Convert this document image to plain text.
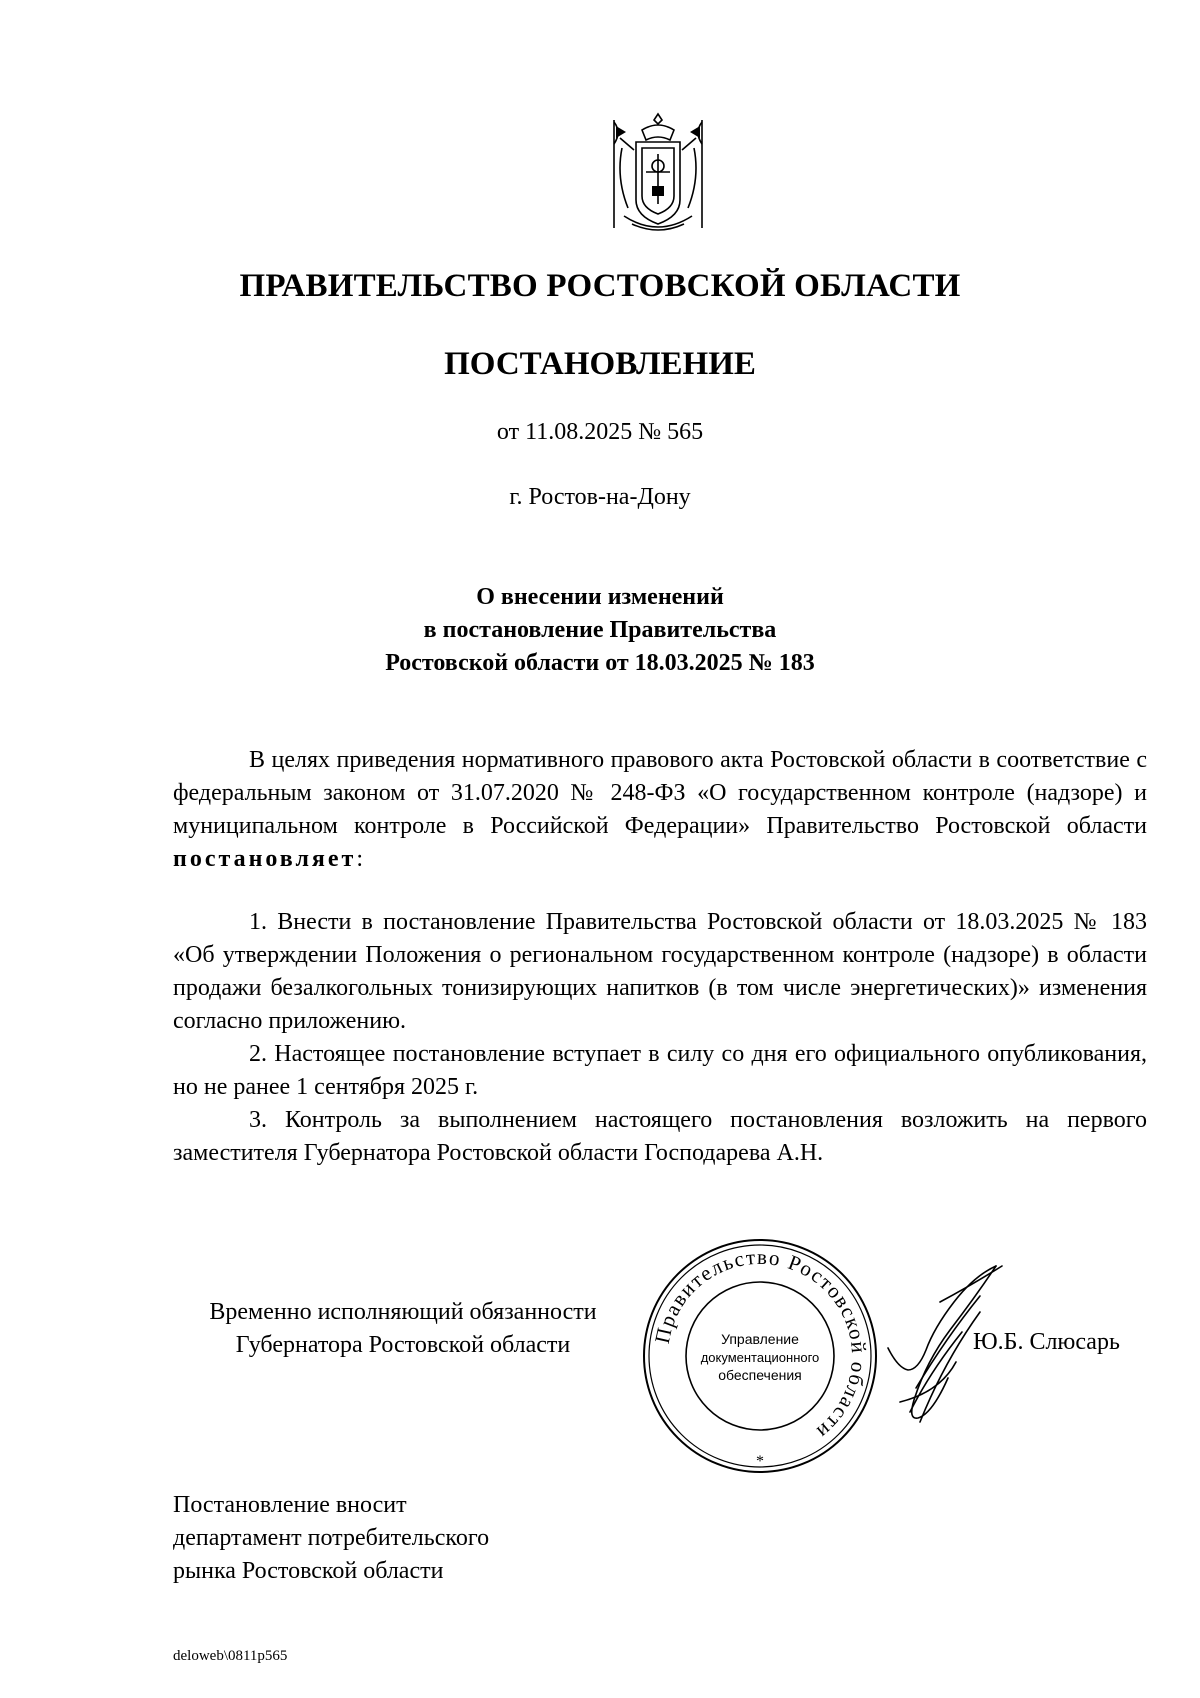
ПРАВИТЕЛЬСТВО РОСТОВСКОЙ ОБЛАСТИ
ПОСТАНОВЛЕНИЕ
от 11.08.2025 № 565
г. Ростов-на-Дону
О внесении изменений
в постановление Правительства
Ростовской области от 18.03.2025 № 183

В целях приведения нормативного правового акта Ростовской области в соответствие с федеральным законом от 31.07.2020 № 248-ФЗ «О государственном контроле (надзоре) и муниципальном контроле в Российской Федерации» Правительство Ростовской области постановляет:

1. Внести в постановление Правительства Ростовской области от 18.03.2025 № 183 «Об утверждении Положения о региональном государственном контроле (надзоре) в области продажи безалкогольных тонизирующих напитков (в том числе энергетических)» изменения согласно приложению.

2. Настоящее постановление вступает в силу со дня его официального опубликования, но не ранее 1 сентября 2025 г.

3. Контроль за выполнением настоящего постановления возложить на первого заместителя Губернатора Ростовской области Господарева А.Н.

Временно исполняющий обязанности
Губернатора Ростовской области	Правительство Ростовской области
Управление
документационного
обеспечения
*
Ю.Б. Слюсарь
Постановление вносит
департамент потребительского
рынка Ростовской области
deloweb\0811p565
